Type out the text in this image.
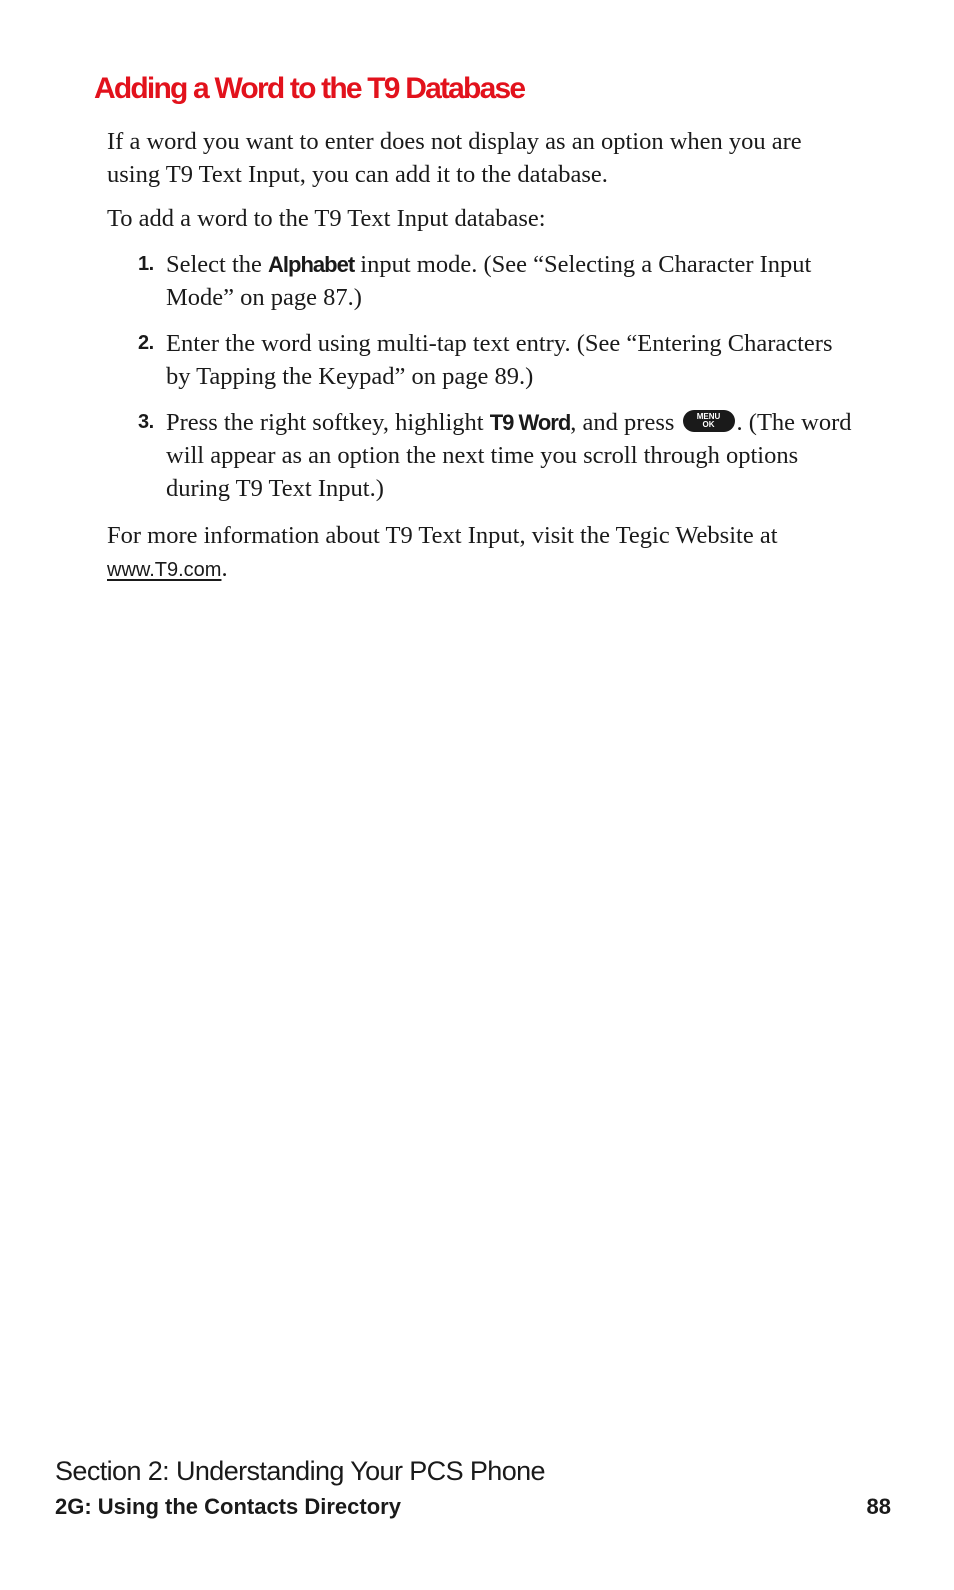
Adding a Word to the T9 Database

If a word you want to enter does not display as an option when you are using T9 Text Input, you can add it to the database.

To add a word to the T9 Text Input database:

1. Select the Alphabet input mode. (See “Selecting a Character Input Mode” on page 87.)
2. Enter the word using multi-tap text entry. (See “Entering Characters by Tapping the Keypad” on page 89.)
3. Press the right softkey, highlight T9 Word, and press	MENU
OK . (The word will appear as an option the next time you scroll through options during T9 Text Input.)

For more information about T9 Text Input, visit the Tegic Website at www.T9.com.

Section 2: Understanding Your PCS Phone

2G: Using the Contacts Directory	88
